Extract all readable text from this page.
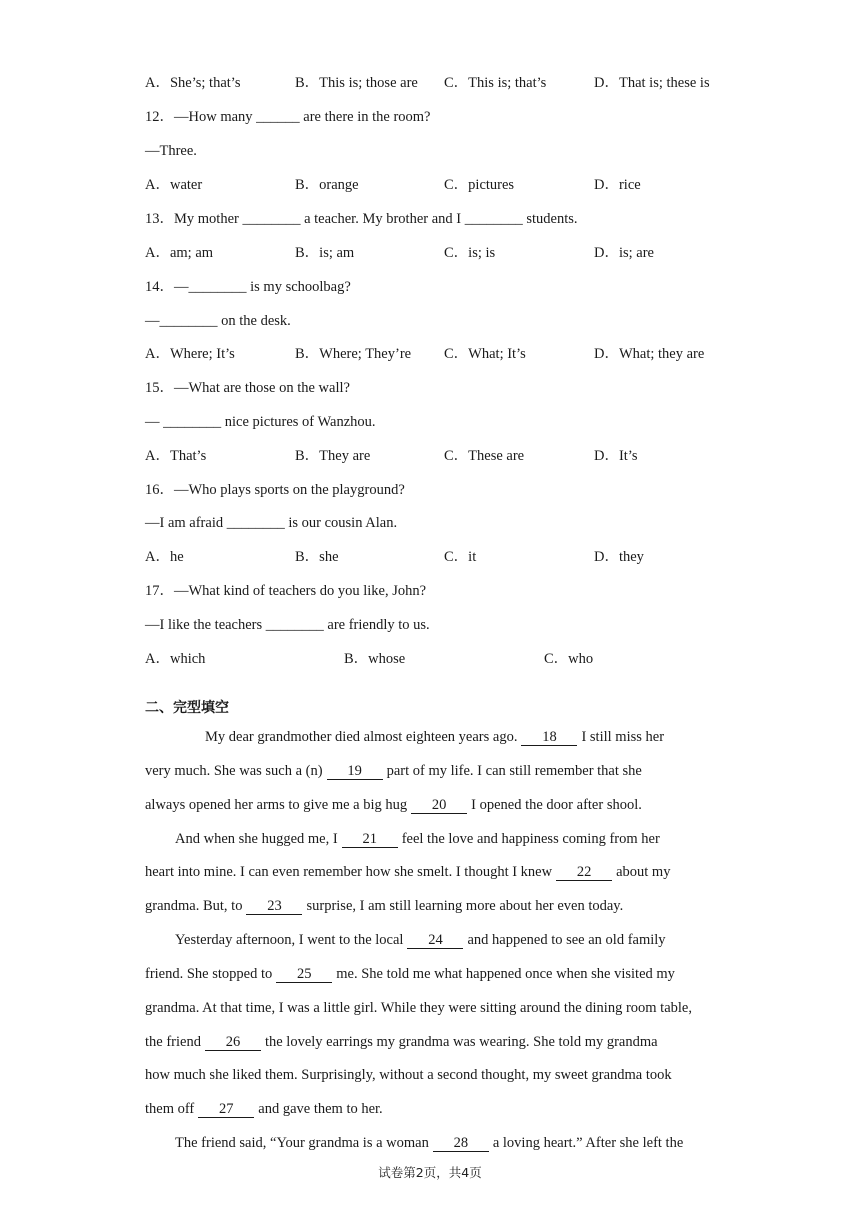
A．She’s; that’s	B．This is; those are C．This is; that’s	D．That is; these is
12．—How many ______ are there in the room?
—Three.
A．water	B．orange	C．pictures	D．rice
13．My mother ________ a teacher. My brother and I ________ students.
A．am; am	B．is; am	C．is; is	D．is; are
14．—________ is my schoolbag?
—________ on the desk.
A．Where; It’s	B．Where; They’re C．What; It’s	D．What; they are
15．—What are those on the wall?
— ________ nice pictures of Wanzhou.
A．That’s	B．They are	C．These are	D．It’s
16．—Who plays sports on the playground?
—I am afraid ________ is our cousin Alan.
A．he	B．she	C．it	D．they
17．—What kind of teachers do you like, John?
—I like the teachers ________ are friendly to us.
A．which	B．whose	C．who
二、完型填空
My dear grandmother died almost eighteen years ago. 18 I still miss her
very much. She was such a (n) 19 part of my life. I can still remember that she
always opened her arms to give me a big hug 20 I opened the door after shool.
And when she hugged me, I 21 feel the love and happiness coming from her
heart into mine. I can even remember how she smelt. I thought I knew 22 about my
grandma. But, to 23 surprise, I am still learning more about her even today.
Yesterday afternoon, I went to the local 24 and happened to see an old family
friend. She stopped to 25 me. She told me what happened once when she visited my
grandma. At that time, I was a little girl. While they were sitting around the dining room table,
the friend 26 the lovely earrings my grandma was wearing. She told my grandma
how much she liked them. Surprisingly, without a second thought, my sweet grandma took
them off 27 and gave them to her.
The friend said, “Your grandma is a woman 28 a loving heart.” After she left the
试卷第2页，共4页
